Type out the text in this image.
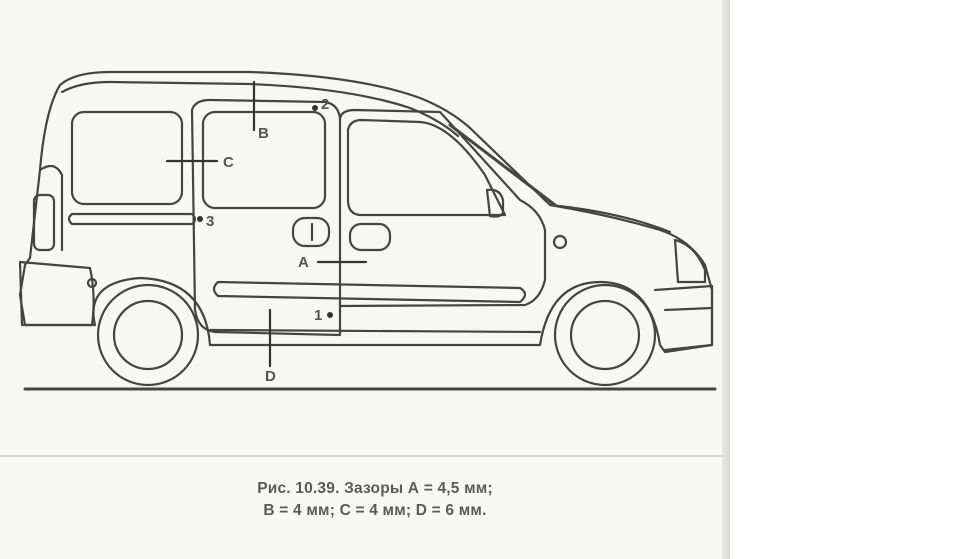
B
C
A
D
2
3
1
Рис. 10.39. Зазоры А = 4,5 мм;
В = 4 мм; С = 4 мм; D = 6 мм.
